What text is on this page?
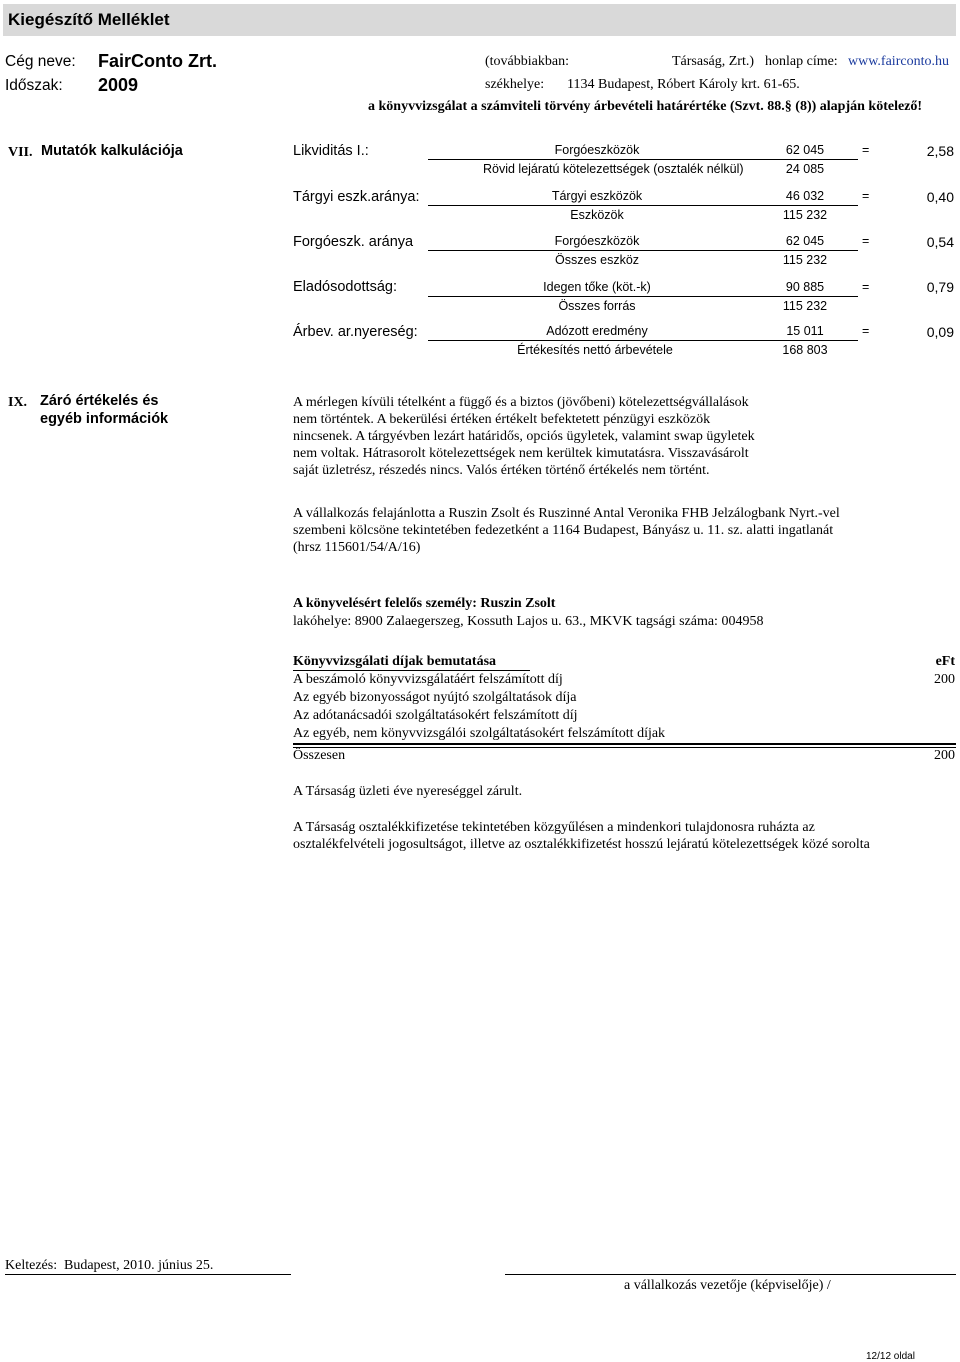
Kiegészítő Melléklet
Cég neve: FairConto Zrt.
Időszak: 2009
(továbbiakban:	Társaság, Zrt.) honlap címe: www.fairconto.hu
székhelye: 1134 Budapest, Róbert Károly krt. 61-65.
a könyvvizsgálat a számviteli törvény árbevételi határértéke (Szvt. 88.§ (8)) alapján kötelező!
VII. Mutatók kalkulációja	Likviditás I.:	Forgóeszközök	62 045
Rövid lejáratú kötelezettségek (osztalék nélkül)	24 085
=	2,58
Tárgyi eszk.aránya:	Tárgyi eszközök	46 032
Eszközök	115 232
=	0,40
Forgóeszk. aránya	Forgóeszközök	62 045
Összes eszköz	115 232
=	0,54
Eladósodottság:	Idegen tőke (köt.-k)	90 885
Összes forrás	115 232
=	0,79
Árbev. ar.nyereség:	Adózott eredmény	15 011
Értékesítés nettó árbevétele	168 803
=	0,09
IX. Záró értékelés és
egyéb információk
A mérlegen kívüli tételként a függő és a biztos (jövőbeni) kötelezettségvállalások
nem történtek. A bekerülési értéken értékelt befektetett pénzügyi eszközök
nincsenek. A tárgyévben lezárt határidős, opciós ügyletek, valamint swap ügyletek
nem voltak. Hátrasorolt kötelezettségek nem kerültek kimutatásra. Visszavásárolt
saját üzletrész, részedés nincs. Valós értéken történő értékelés nem történt.
A vállalkozás felajánlotta a Ruszin Zsolt és Ruszinné Antal Veronika FHB Jelzálogbank Nyrt.-vel
szembeni kölcsöne tekintetében fedezetként a 1164 Budapest, Bányász u. 11. sz. alatti ingatlanát
(hrsz 115601/54/A/16)
A könyvelésért felelős személy: Ruszin Zsolt
lakóhelye: 8900 Zalaegerszeg, Kossuth Lajos u. 63., MKVK tagsági száma: 004958
Könyvvizsgálati díjak bemutatása	eFt
A beszámoló könyvvizsgálatáért felszámított díj	200
Az egyéb bizonyosságot nyújtó szolgáltatások díja
Az adótanácsadói szolgáltatásokért felszámított díj
Az egyéb, nem könyvvizsgálói szolgáltatásokért felszámított díjak
Összesen	200
A Társaság üzleti éve nyereséggel zárult.
A Társaság osztalékkifizetése tekintetében közgyűlésen a mindenkori tulajdonosra ruházta az
osztalékfelvételi jogosultságot, illetve az osztalékkifizetést hosszú lejáratú kötelezettségek közé sorolta
Keltezés: Budapest, 2010. június 25.
a vállalkozás vezetője (képviselője) /
12/12 oldal
